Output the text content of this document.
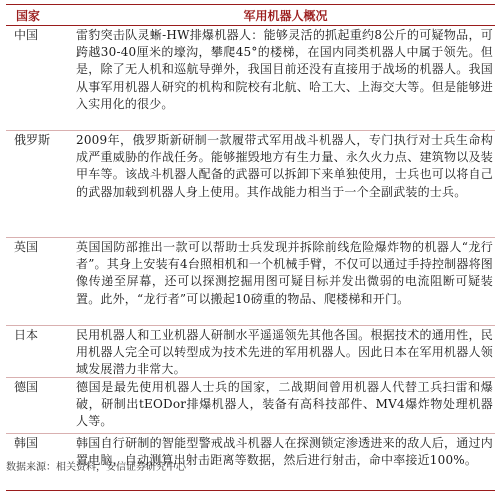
国家	军用机器人概况
中国	雷豹突击队灵蜥-HW排爆机器人：能够灵活的抓起重约8公斤的可疑物品，可跨越30-40厘米的壕沟，攀爬45°的楼梯，在国内同类机器人中属于领先。但是，除了无人机和巡航导弹外，我国目前还没有直接用于战场的机器人。我国从事军用机器人研究的机构和院校有北航、哈工大、上海交大等。但是能够进入实用化的很少。
俄罗斯	2009年，俄罗斯新研制一款履带式军用战斗机器人，专门执行对士兵生命构成严重威胁的作战任务。能够摧毁地方有生力量、永久火力点、建筑物以及装甲车等。该战斗机器人配备的武器可以拆卸下来单独使用，士兵也可以将自己的武器加载到机器人身上使用。其作战能力相当于一个全副武装的士兵。
英国	英国国防部推出一款可以帮助士兵发现并拆除前线危险爆炸物的机器人“龙行者”。其身上安装有4台照相机和一个机械手臂，不仅可以通过手持控制器将图像传递至屏幕，还可以探测挖掘用图可疑目标并发出微弱的电流阻断可疑装置。此外，“龙行者”可以搬起10磅重的物品、爬楼梯和开门。
日本	民用机器人和工业机器人研制水平遥遥领先其他各国。根据技术的通用性，民用机器人完全可以转型成为技术先进的军用机器人。因此日本在军用机器人领域发展潜力非常大。
德国	德国是最先使用机器人士兵的国家，二战期间曾用机器人代替工兵扫雷和爆破，研制出tEODor排爆机器人，装备有高科技部件、MV4爆炸物处理机器人等。
韩国	韩国自行研制的智能型警戒战斗机器人在探测锁定渗透进来的敌人后，通过内置电脑，自动测算出射击距离等数据，然后进行射击，命中率接近100%。
数据来源：相关资料，安信证券研究中心
